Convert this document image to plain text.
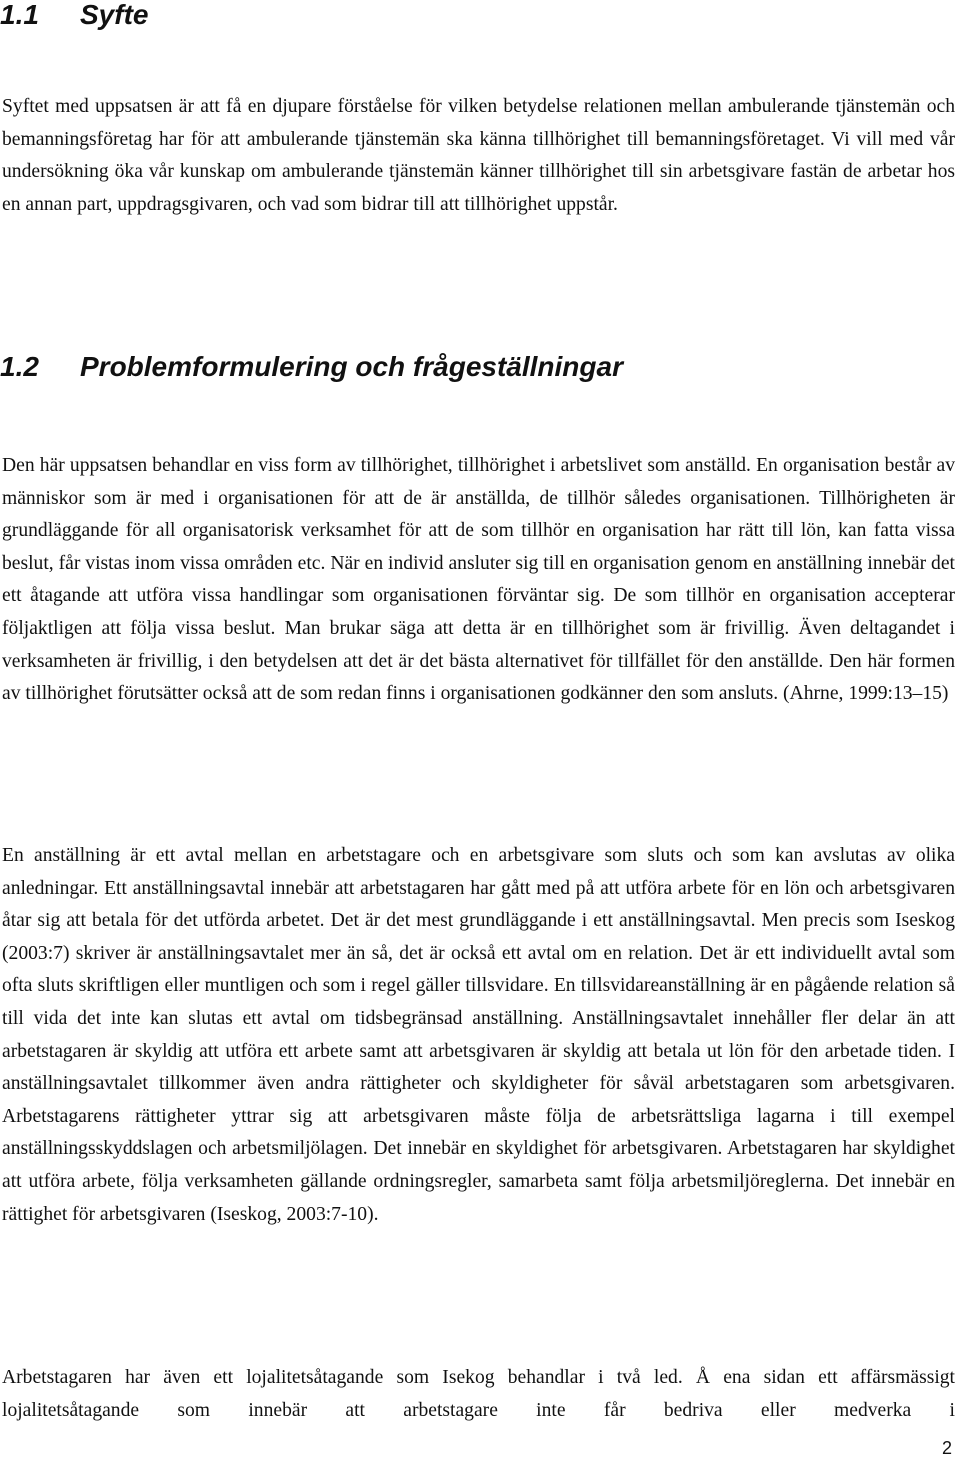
1.1 Syfte

Syftet med uppsatsen är att få en djupare förståelse för vilken betydelse relationen mellan ambulerande tjänstemän och bemanningsföretag har för att ambulerande tjänstemän ska känna tillhörighet till bemanningsföretaget. Vi vill med vår undersökning öka vår kunskap om ambulerande tjänstemän känner tillhörighet till sin arbetsgivare fastän de arbetar hos en annan part, uppdragsgivaren, och vad som bidrar till att tillhörighet uppstår.

1.2 Problemformulering och frågeställningar

Den här uppsatsen behandlar en viss form av tillhörighet, tillhörighet i arbetslivet som anställd. En organisation består av människor som är med i organisationen för att de är anställda, de tillhör således organisationen. Tillhörigheten är grundläggande för all organisatorisk verksamhet för att de som tillhör en organisation har rätt till lön, kan fatta vissa beslut, får vistas inom vissa områden etc. När en individ ansluter sig till en organisation genom en anställning innebär det ett åtagande att utföra vissa handlingar som organisationen förväntar sig. De som tillhör en organisation accepterar följaktligen att följa vissa beslut. Man brukar säga att detta är en tillhörighet som är frivillig. Även deltagandet i verksamheten är frivillig, i den betydelsen att det är det bästa alternativet för tillfället för den anställde. Den här formen av tillhörighet förutsätter också att de som redan finns i organisationen godkänner den som ansluts. (Ahrne, 1999:13‒15)

En anställning är ett avtal mellan en arbetstagare och en arbetsgivare som sluts och som kan avslutas av olika anledningar. Ett anställningsavtal innebär att arbetstagaren har gått med på att utföra arbete för en lön och arbetsgivaren åtar sig att betala för det utförda arbetet. Det är det mest grundläggande i ett anställningsavtal. Men precis som Iseskog (2003:7) skriver är anställningsavtalet mer än så, det är också ett avtal om en relation. Det är ett individuellt avtal som ofta sluts skriftligen eller muntligen och som i regel gäller tillsvidare. En tillsvidareanställning är en pågående relation så till vida det inte kan slutas ett avtal om tidsbegränsad anställning. Anställningsavtalet innehåller fler delar än att arbetstagaren är skyldig att utföra ett arbete samt att arbetsgivaren är skyldig att betala ut lön för den arbetade tiden. I anställningsavtalet tillkommer även andra rättigheter och skyldigheter för såväl arbetstagaren som arbetsgivaren. Arbetstagarens rättigheter yttrar sig att arbetsgivaren måste följa de arbetsrättsliga lagarna i till exempel anställningsskyddslagen och arbetsmiljölagen. Det innebär en skyldighet för arbetsgivaren. Arbetstagaren har skyldighet att utföra arbete, följa verksamheten gällande ordningsregler, samarbeta samt följa arbetsmiljöreglerna. Det innebär en rättighet för arbetsgivaren (Iseskog, 2003:7-10).

Arbetstagaren har även ett lojalitetsåtagande som Isekog behandlar i två led. Å ena sidan ett affärsmässigt lojalitetsåtagande som innebär att arbetstagare inte får bedriva eller medverka i

2
